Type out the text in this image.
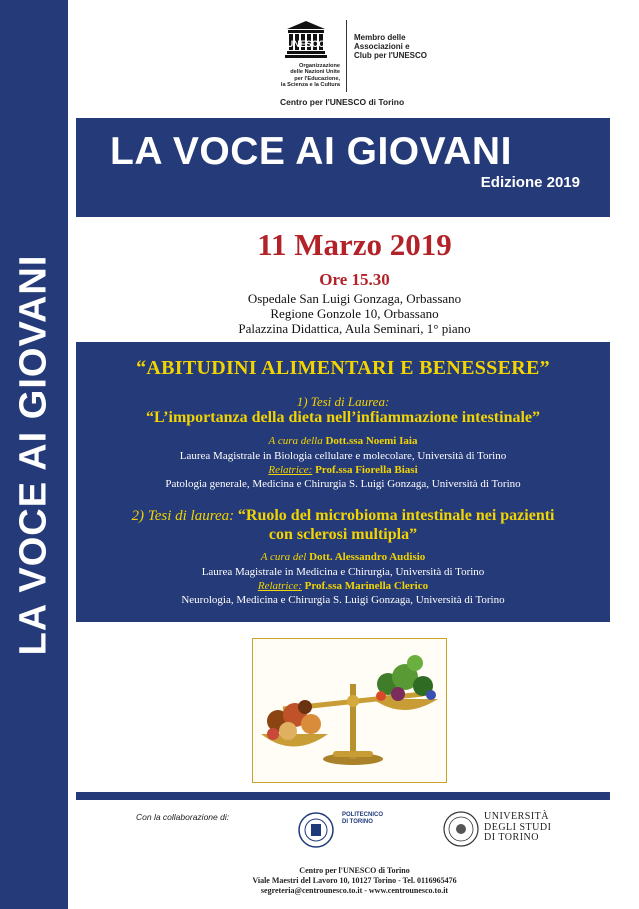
LA VOCE AI GIOVANI
UNESCO
Organizzazione
delle Nazioni Unite
per l'Educazione,
la Scienza e la Cultura
Membro delle
Associazioni e
Club per l'UNESCO
Centro per l'UNESCO di Torino
LA VOCE AI GIOVANI
Edizione 2019
11 Marzo 2019
Ore 15.30
Ospedale San Luigi Gonzaga, Orbassano
Regione Gonzole 10, Orbassano
Palazzina Didattica, Aula Seminari, 1° piano
“ABITUDINI ALIMENTARI E BENESSERE”
1) Tesi di Laurea:
“L’importanza della dieta nell’infiammazione intestinale”
A cura della Dott.ssa Noemi Iaia
Laurea Magistrale in Biologia cellulare e molecolare, Università di Torino
Relatrice: Prof.ssa Fiorella Biasi
Patologia generale, Medicina e Chirurgia S. Luigi Gonzaga, Università di Torino
2) Tesi di laurea: “Ruolo del microbioma intestinale nei pazienti
con sclerosi multipla”
A cura del Dott. Alessandro Audisio
Laurea Magistrale in Medicina e Chirurgia, Università di Torino
Relatrice: Prof.ssa Marinella Clerico
Neurologia, Medicina e Chirurgia S. Luigi Gonzaga, Università di Torino
Con la collaborazione di:	POLITECNICO
DI TORINO	UNIVERSITÀ
DEGLI STUDI
DI TORINO
Centro per l'UNESCO di Torino
Viale Maestri del Lavoro 10, 10127 Torino - Tel. 0116965476
segreteria@centrounesco.to.it - www.centrounesco.to.it
